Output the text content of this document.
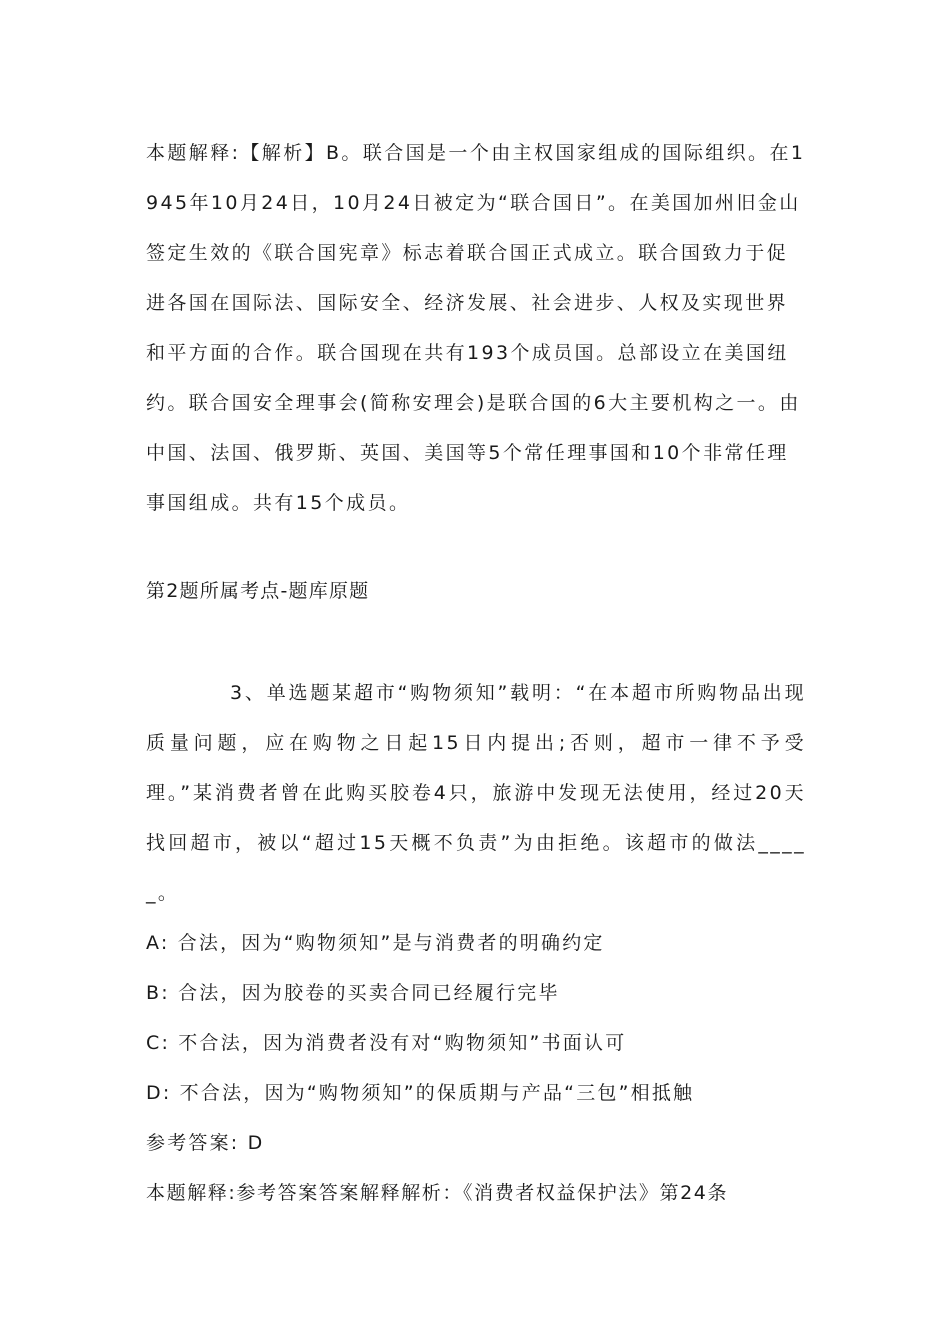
本题解释:【解析】B。联合国是一个由主权国家组成的国际组织。在1945年10月24日，10月24日被定为“联合国日”。在美国加州旧金山签定生效的《联合国宪章》标志着联合国正式成立。联合国致力于促进各国在国际法、国际安全、经济发展、社会进步、人权及实现世界和平方面的合作。联合国现在共有193个成员国。总部设立在美国纽约。联合国安全理事会(简称安理会)是联合国的6大主要机构之一。由中国、法国、俄罗斯、英国、美国等5个常任理事国和10个非常任理事国组成。共有15个成员。

第2题所属考点-题库原题

3、单选题某超市“购物须知”载明：“在本超市所购物品出现质量问题，应在购物之日起15日内提出;否则，超市一律不予受理。”某消费者曾在此购买胶卷4只，旅游中发现无法使用，经过20天找回超市，被以“超过15天概不负责”为由拒绝。该超市的做法_____。

A: 合法，因为“购物须知”是与消费者的明确约定
B: 合法，因为胶卷的买卖合同已经履行完毕
C: 不合法，因为消费者没有对“购物须知”书面认可
D: 不合法，因为“购物须知”的保质期与产品“三包”相抵触
参考答案: D
本题解释:参考答案答案解释解析：《消费者权益保护法》第24条
